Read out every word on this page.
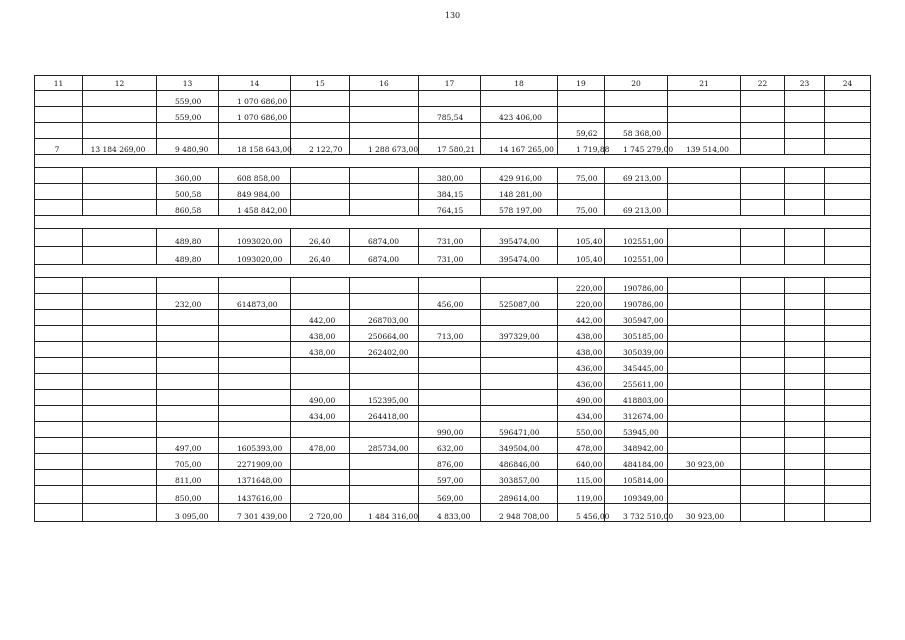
130
11	12	13	14	15	16	17	18	19	20	21	22	23	24
		559,00	1 070 686,00										
		559,00	1 070 686,00			785,54	423 406,00						
								59,62	58 368,00				
7	13 184 269,00	9 480,90	18 158 643,00	2 122,70	1 288 673,00	17 580,21	14 167 265,00	1 719,88	1 745 279,00	139 514,00			

		360,00	608 858,00			380,00	429 916,00	75,00	69 213,00				
		500,58	849 984,00			384,15	148 281,00						
		860,58	1 458 842,00			764,15	578 197,00	75,00	69 213,00				

		489,80	1093020,00	26,40	6874,00	731,00	395474,00	105,40	102551,00				
		489,80	1093020,00	26,40	6874,00	731,00	395474,00	105,40	102551,00				

								220,00	190786,00				
		232,00	614873,00			456,00	525087,00	220,00	190786,00				
				442,00	268703,00			442,00	305947,00				
				438,00	250664,00	713,00	397329,00	438,00	305185,00				
				438,00	262402,00			438,00	305039,00				
								436,00	345445,00				
								436,00	255611,00				
				490,00	152395,00			490,00	418803,00				
				434,00	264418,00			434,00	312674,00				
						990,00	596471,00	550,00	53945,00				
		497,00	1605393,00	478,00	285734,00	632,00	349504,00	478,00	348942,00				
		705,00	2271909,00			876,00	486846,00	640,00	484184,00	30 923,00			
		811,00	1371648,00			597,00	303857,00	115,00	105814,00				
		850,00	1437616,00			569,00	289614,00	119,00	109349,00				
		3 095,00	7 301 439,00	2 720,00	1 484 316,00	4 833,00	2 948 708,00	5 456,00	3 732 510,00	30 923,00			
